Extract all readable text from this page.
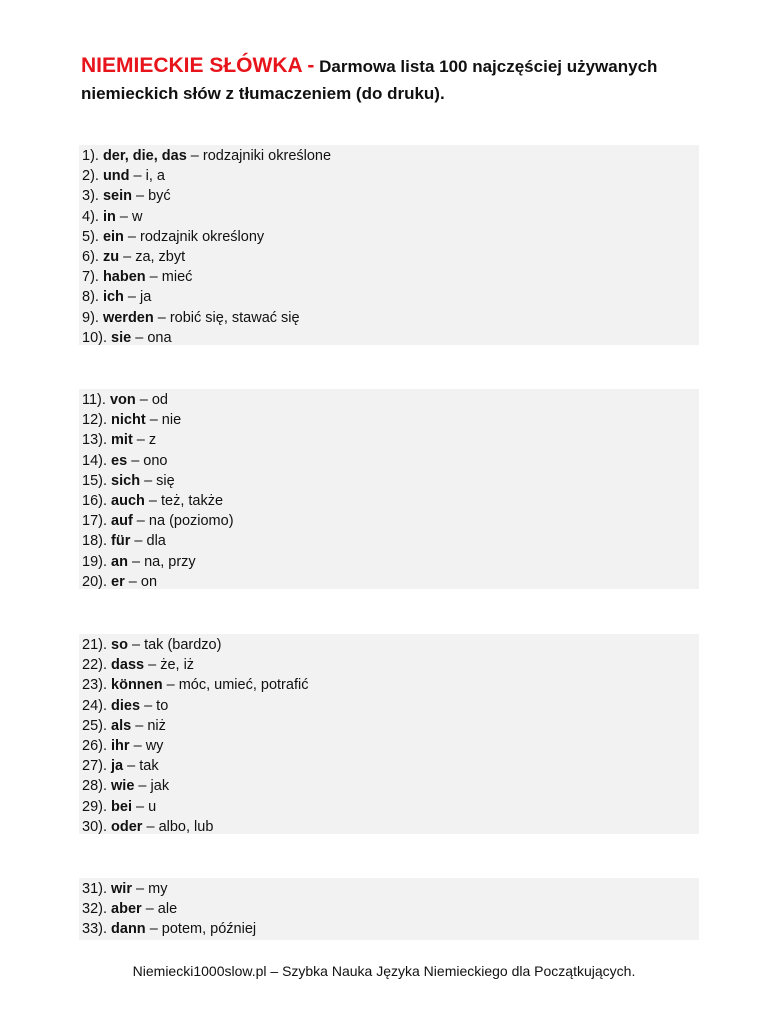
NIEMIECKIE SŁÓWKA - Darmowa lista 100 najczęściej używanych niemieckich słów z tłumaczeniem (do druku).
1). der, die, das – rodzajniki określone
2). und – i, a
3). sein – być
4). in – w
5). ein – rodzajnik określony
6). zu – za, zbyt
7). haben – mieć
8). ich – ja
9). werden – robić się, stawać się
10). sie – ona
11). von – od
12). nicht – nie
13). mit – z
14). es – ono
15). sich – się
16). auch – też, także
17). auf – na (poziomo)
18). für – dla
19). an – na, przy
20). er – on
21). so – tak (bardzo)
22). dass – że, iż
23). können – móc, umieć, potrafić
24). dies – to
25). als – niż
26). ihr – wy
27). ja – tak
28). wie – jak
29). bei – u
30). oder – albo, lub
31). wir – my
32). aber – ale
33). dann – potem, później
Niemiecki1000slow.pl – Szybka Nauka Języka Niemieckiego dla Początkujących.
